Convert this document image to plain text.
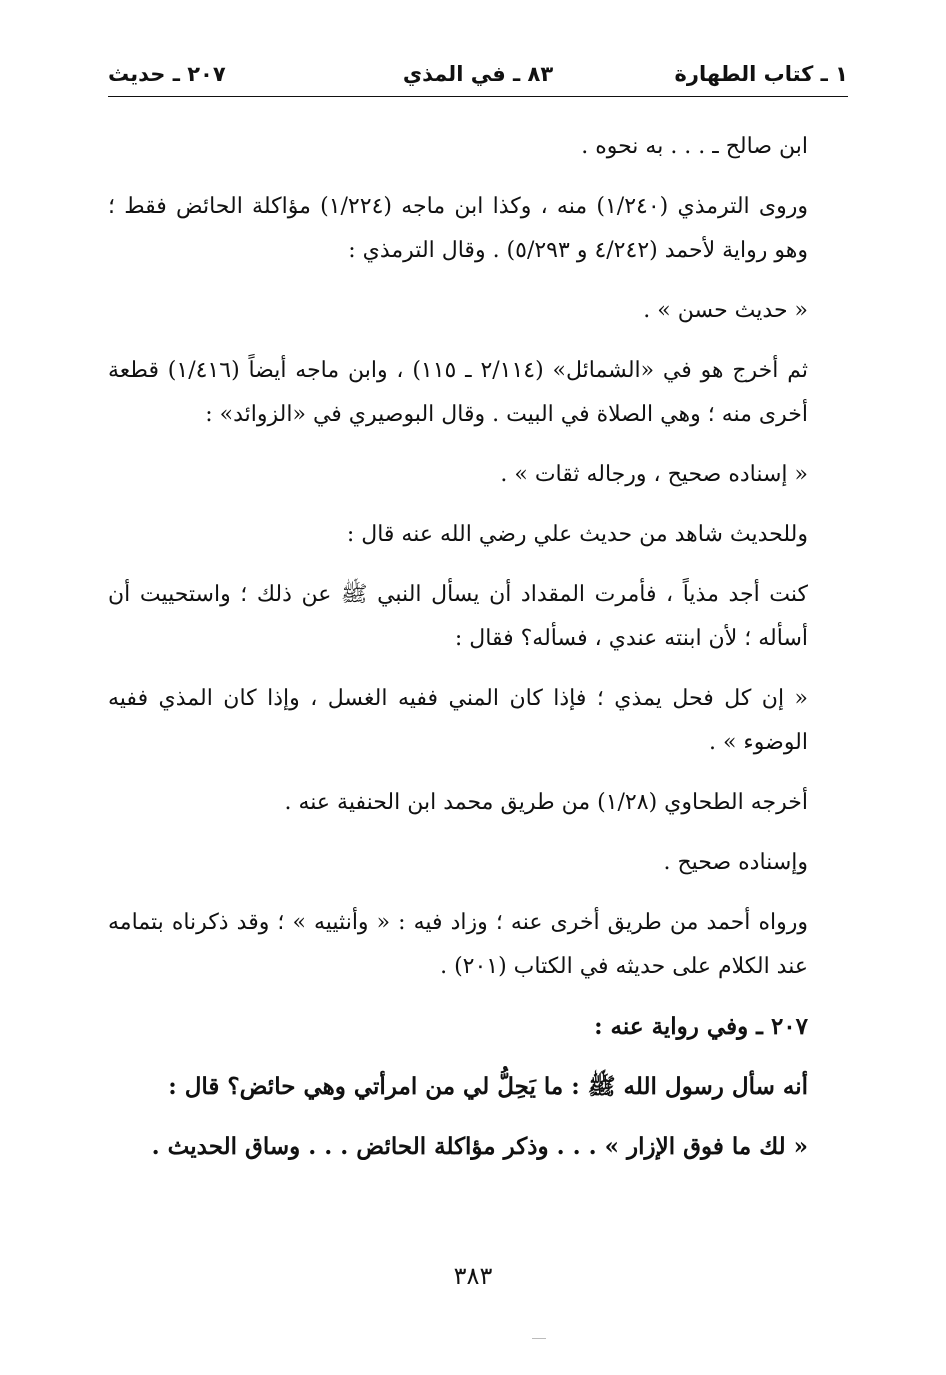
١ ـ كتاب الطهارة
٨٣ ـ في المذي
٢٠٧ ـ حديث

ابن صالح ـ . . . به نحوه .

وروى الترمذي (١/٢٤٠) منه ، وكذا ابن ماجه (١/٢٢٤) مؤاكلة الحائض فقط ؛ وهو رواية لأحمد (٤/٢٤٢ و ٥/٢٩٣) . وقال الترمذي :

« حديث حسن » .

ثم أخرج هو في «الشمائل» (٢/١١٤ ـ ١١٥) ، وابن ماجه أيضاً (١/٤١٦) قطعة أخرى منه ؛ وهي الصلاة في البيت . وقال البوصيري في «الزوائد» :

« إسناده صحيح ، ورجاله ثقات » .

وللحديث شاهد من حديث علي رضي الله عنه قال :

كنت أجد مذياً ، فأمرت المقداد أن يسأل النبي ﷺ عن ذلك ؛ واستحييت أن أسأله ؛ لأن ابنته عندي ، فسأله؟ فقال :

« إن كل فحل يمذي ؛ فإذا كان المني ففيه الغسل ، وإذا كان المذي ففيه الوضوء » .

أخرجه الطحاوي (١/٢٨) من طريق محمد ابن الحنفية عنه .

وإسناده صحيح .

ورواه أحمد من طريق أخرى عنه ؛ وزاد فيه : « وأنثييه » ؛ وقد ذكرناه بتمامه عند الكلام على حديثه في الكتاب (٢٠١) .

٢٠٧ ـ وفي رواية عنه :

أنه سأل رسول الله ﷺ : ما يَحِلُّ لي من امرأتي وهي حائض؟ قال :

« لك ما فوق الإزار » . . . وذكر مؤاكلة الحائض . . . وساق الحديث .

٣٨٣
